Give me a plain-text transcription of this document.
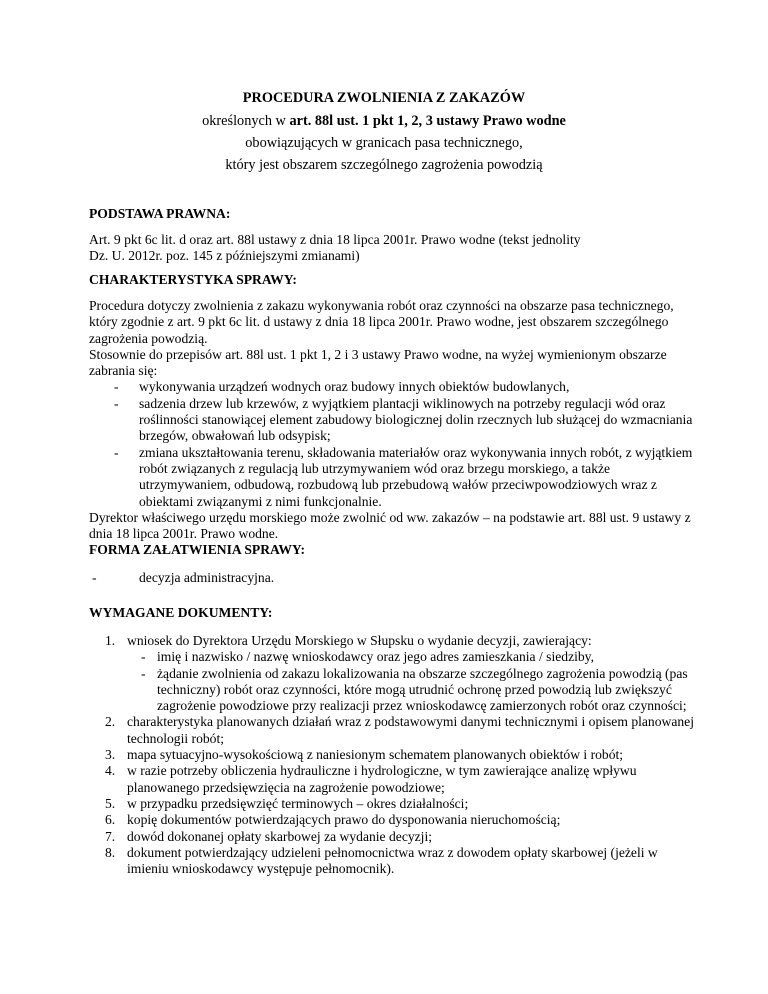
PROCEDURA ZWOLNIENIA Z ZAKAZÓW
określonych w art. 88l ust. 1 pkt 1, 2, 3 ustawy Prawo wodne
obowiązujących w granicach pasa technicznego,
który jest obszarem szczególnego zagrożenia powodzią
PODSTAWA PRAWNA:

Art. 9 pkt 6c lit. d oraz art. 88l ustawy z dnia 18 lipca 2001r. Prawo wodne (tekst jednolity

Dz. U. 2012r. poz. 145 z późniejszymi zmianami)

CHARAKTERYSTYKA SPRAWY:

Procedura dotyczy zwolnienia z zakazu wykonywania robót oraz czynności na obszarze pasa technicznego, który zgodnie z art. 9 pkt 6c lit. d ustawy z dnia 18 lipca 2001r. Prawo wodne, jest obszarem szczególnego zagrożenia powodzią.

Stosownie do przepisów art. 88l ust. 1 pkt 1, 2 i 3 ustawy Prawo wodne, na wyżej wymienionym obszarze zabrania się:

- wykonywania urządzeń wodnych oraz budowy innych obiektów budowlanych,
- sadzenia drzew lub krzewów, z wyjątkiem plantacji wiklinowych na potrzeby regulacji wód oraz roślinności stanowiącej element zabudowy biologicznej dolin rzecznych lub służącej do wzmacniania brzegów, obwałowań lub odsypisk;
- zmiana ukształtowania terenu, składowania materiałów oraz wykonywania innych robót, z wyjątkiem robót związanych z regulacją lub utrzymywaniem wód oraz brzegu morskiego, a także utrzymywaniem, odbudową, rozbudową lub przebudową wałów przeciwpowodziowych wraz z obiektami związanymi z nimi funkcjonalnie.

Dyrektor właściwego urzędu morskiego może zwolnić od ww. zakazów – na podstawie art. 88l ust. 9 ustawy z dnia 18 lipca 2001r. Prawo wodne.

FORMA ZAŁATWIENIA SPRAWY:
-	decyzja administracyjna.
WYMAGANE DOKUMENTY:
1. wniosek do Dyrektora Urzędu Morskiego w Słupsku o wydanie decyzji, zawierający:
- imię i nazwisko / nazwę wnioskodawcy oraz jego adres zamieszkania / siedziby,
- żądanie zwolnienia od zakazu lokalizowania na obszarze szczególnego zagrożenia powodzią (pas techniczny) robót oraz czynności, które mogą utrudnić ochronę przed powodzią lub zwiększyć zagrożenie powodziowe przy realizacji przez wnioskodawcę zamierzonych robót oraz czynności;
2. charakterystyka planowanych działań wraz z podstawowymi danymi technicznymi i opisem planowanej technologii robót;
3. mapa sytuacyjno-wysokościową z naniesionym schematem planowanych obiektów i robót;
4. w razie potrzeby obliczenia hydrauliczne i hydrologiczne, w tym zawierające analizę wpływu planowanego przedsięwzięcia na zagrożenie powodziowe;
5. w przypadku przedsięwzięć terminowych – okres działalności;
6. kopię dokumentów potwierdzających prawo do dysponowania nieruchomością;
7. dowód dokonanej opłaty skarbowej za wydanie decyzji;
8. dokument potwierdzający udzieleni pełnomocnictwa wraz z dowodem opłaty skarbowej (jeżeli w imieniu wnioskodawcy występuje pełnomocnik).
